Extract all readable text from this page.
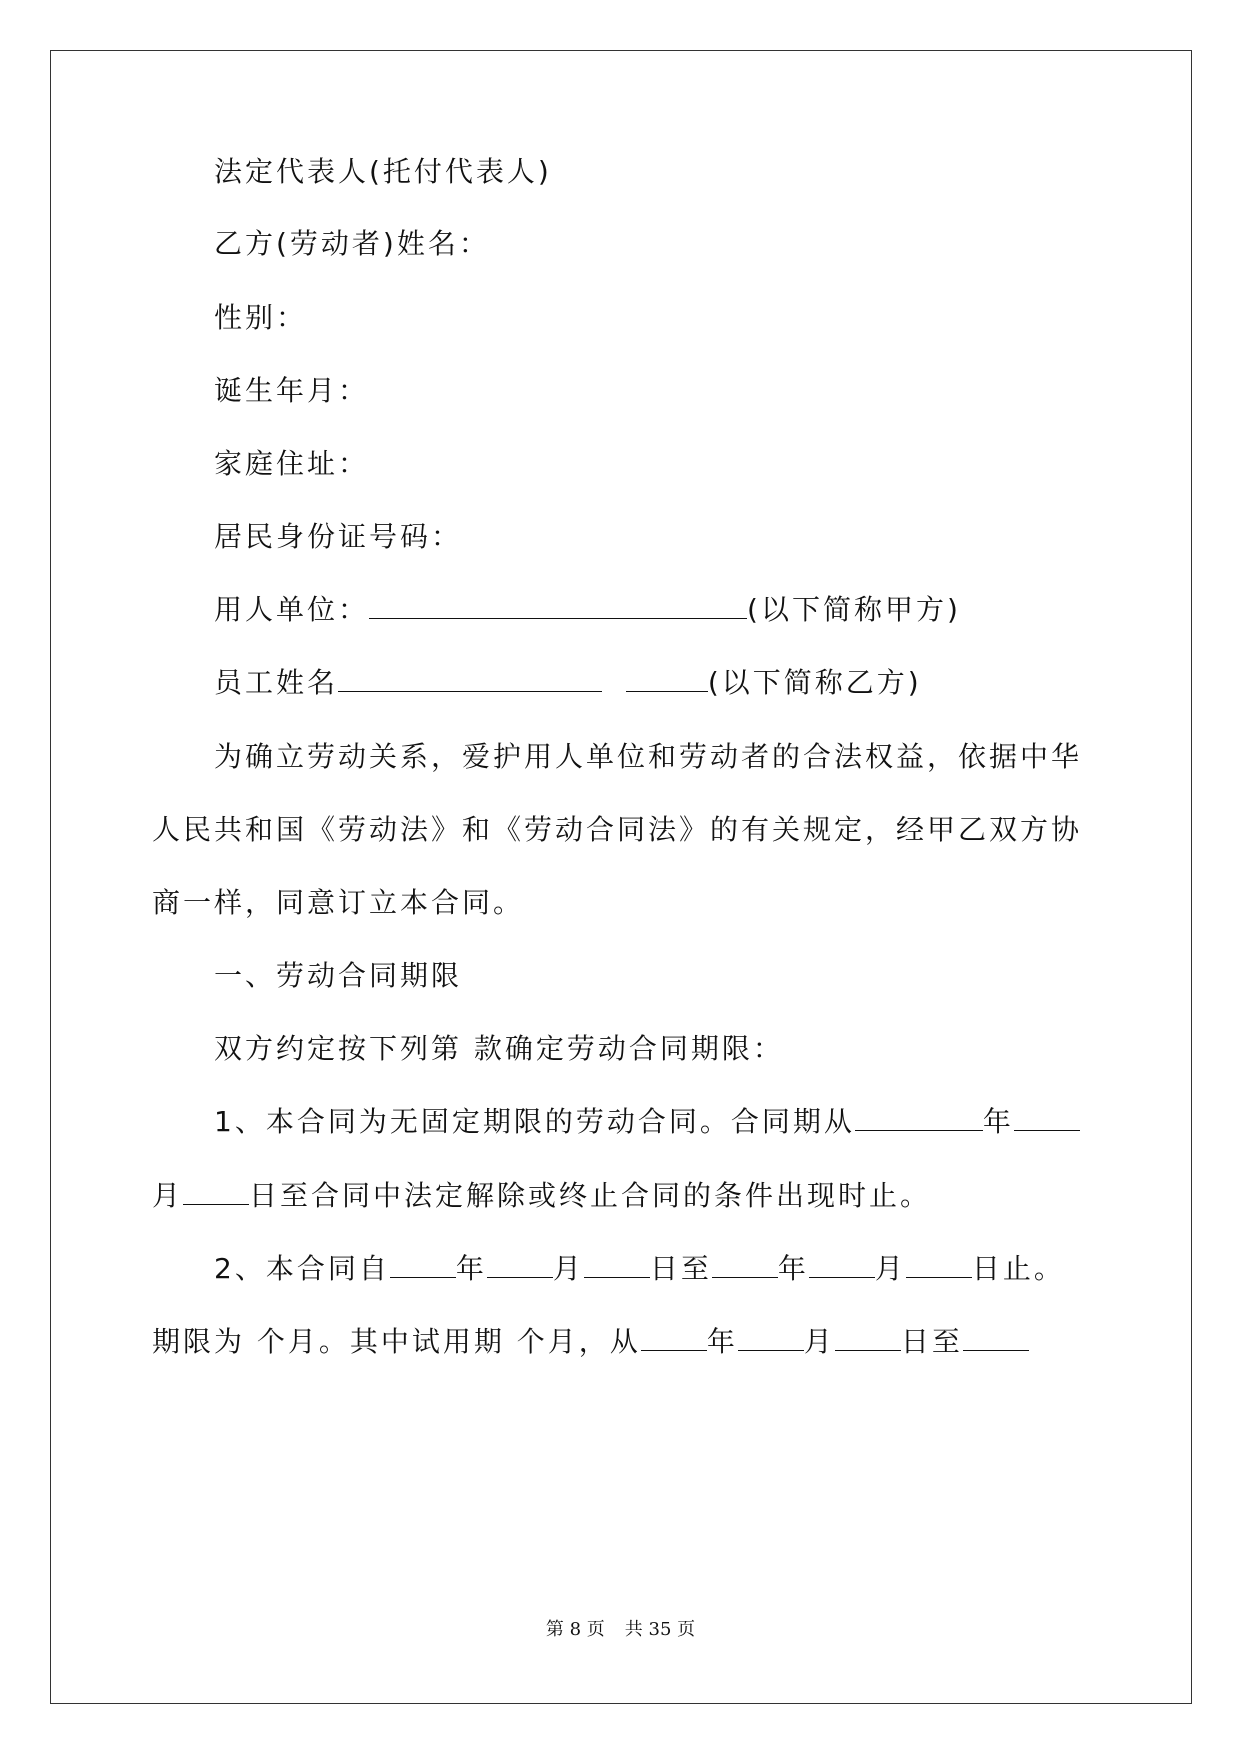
法定代表人(托付代表人)
乙方(劳动者)姓名：
性别：
诞生年月：
家庭住址：
居民身份证号码：
用人单位：	(以下简称甲方)
员工姓名	(以下简称乙方)
为确立劳动关系，爱护用人单位和劳动者的合法权益，依据中华
人民共和国《劳动法》和《劳动合同法》的有关规定，经甲乙双方协
商一样，同意订立本合同。
一、劳动合同期限
双方约定按下列第 款确定劳动合同期限：
1、本合同为无固定期限的劳动合同。合同期从	年
月 日至合同中法定解除或终止合同的条件出现时止。
2、本合同自 年 月 日至 年 月 日止。
期限为 个月。其中试用期 个月，从 年 月 日至
第 8 页 共 35 页
